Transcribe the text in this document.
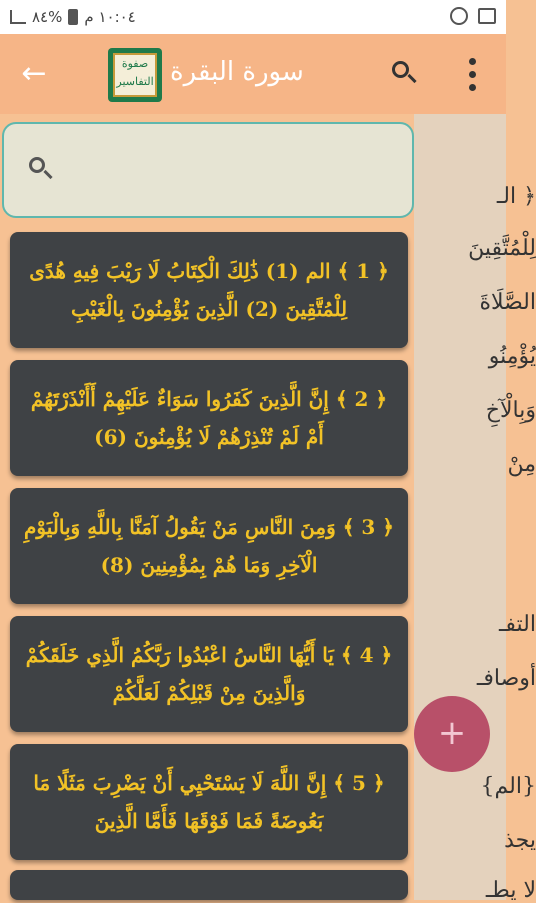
١٠:٠٤ م
%٨٤
←	صفوة التفاسير سورة البقرة
﴿ الـ
لِلْمُتَّقِينَ
الصَّلَاةَ
يُؤْمِنُو
وَبِالْآخِ
مِنْ
التفـ
أوصافـ
{الم}
يجذ
لا يطـ
+
﴿ 1 ﴾ الم (1) ذَٰلِكَ الْكِتَابُ لَا رَيْبَ فِيهِ هُدًى لِلْمُتَّقِينَ (2) الَّذِينَ يُؤْمِنُونَ بِالْغَيْبِ
﴿ 2 ﴾ إِنَّ الَّذِينَ كَفَرُوا سَوَاءٌ عَلَيْهِمْ أَأَنْذَرْتَهُمْ أَمْ لَمْ تُنْذِرْهُمْ لَا يُؤْمِنُونَ (6)
﴿ 3 ﴾ وَمِنَ النَّاسِ مَنْ يَقُولُ آمَنَّا بِاللَّهِ وَبِالْيَوْمِ الْآخِرِ وَمَا هُمْ بِمُؤْمِنِينَ (8)
﴿ 4 ﴾ يَا أَيُّهَا النَّاسُ اعْبُدُوا رَبَّكُمُ الَّذِي خَلَقَكُمْ وَالَّذِينَ مِنْ قَبْلِكُمْ لَعَلَّكُمْ
﴿ 5 ﴾ إِنَّ اللَّهَ لَا يَسْتَحْيِي أَنْ يَضْرِبَ مَثَلًا مَا بَعُوضَةً فَمَا فَوْقَهَا فَأَمَّا الَّذِينَ
